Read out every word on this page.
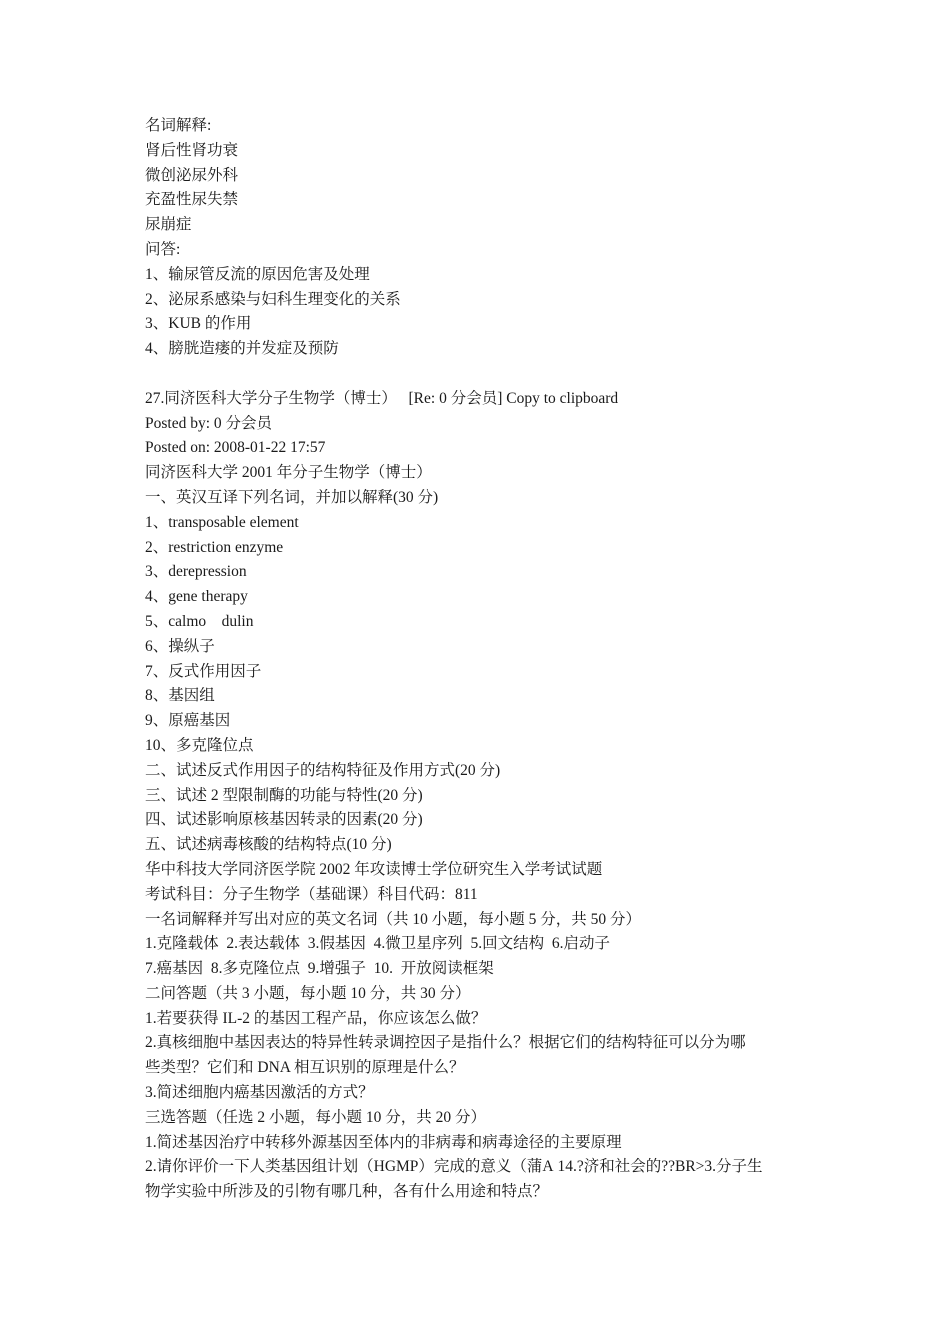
名词解释:
肾后性肾功衰
微创泌尿外科
充盈性尿失禁
尿崩症
问答:
1、输尿管反流的原因危害及处理
2、泌尿系感染与妇科生理变化的关系
3、KUB 的作用
4、膀胱造瘘的并发症及预防
27.同济医科大学分子生物学（博士） [Re: 0 分会员] Copy to clipboard
Posted by: 0 分会员
Posted on: 2008-01-22 17:57
同济医科大学 2001 年分子生物学（博士）
一、英汉互译下列名词，并加以解释(30 分)
1、transposable element
2、restriction enzyme
3、derepression
4、gene therapy
5、calmo    dulin
6、操纵子
7、反式作用因子
8、基因组
9、原癌基因
10、多克隆位点
二、试述反式作用因子的结构特征及作用方式(20 分)
三、试述 2 型限制酶的功能与特性(20 分)
四、试述影响原核基因转录的因素(20 分)
五、试述病毒核酸的结构特点(10 分)
华中科技大学同济医学院 2002 年攻读博士学位研究生入学考试试题
考试科目：分子生物学（基础课）科目代码：811
一名词解释并写出对应的英文名词（共 10 小题，每小题 5 分，共 50 分）
1.克隆载体  2.表达载体  3.假基因  4.微卫星序列  5.回文结构  6.启动子
7.癌基因  8.多克隆位点  9.增强子  10.  开放阅读框架
二问答题（共 3 小题，每小题 10 分，共 30 分）
1.若要获得 IL-2 的基因工程产品，你应该怎么做？
2.真核细胞中基因表达的特异性转录调控因子是指什么？根据它们的结构特征可以分为哪
些类型？它们和 DNA 相互识别的原理是什么？
3.简述细胞内癌基因激活的方式？
三选答题（任选 2 小题，每小题 10 分，共 20 分）
1.简述基因治疗中转移外源基因至体内的非病毒和病毒途径的主要原理
2.请你评价一下人类基因组计划（HGMP）完成的意义（蒲А 14.?济和社会的??BR>3.分子生
物学实验中所涉及的引物有哪几种，各有什么用途和特点？
